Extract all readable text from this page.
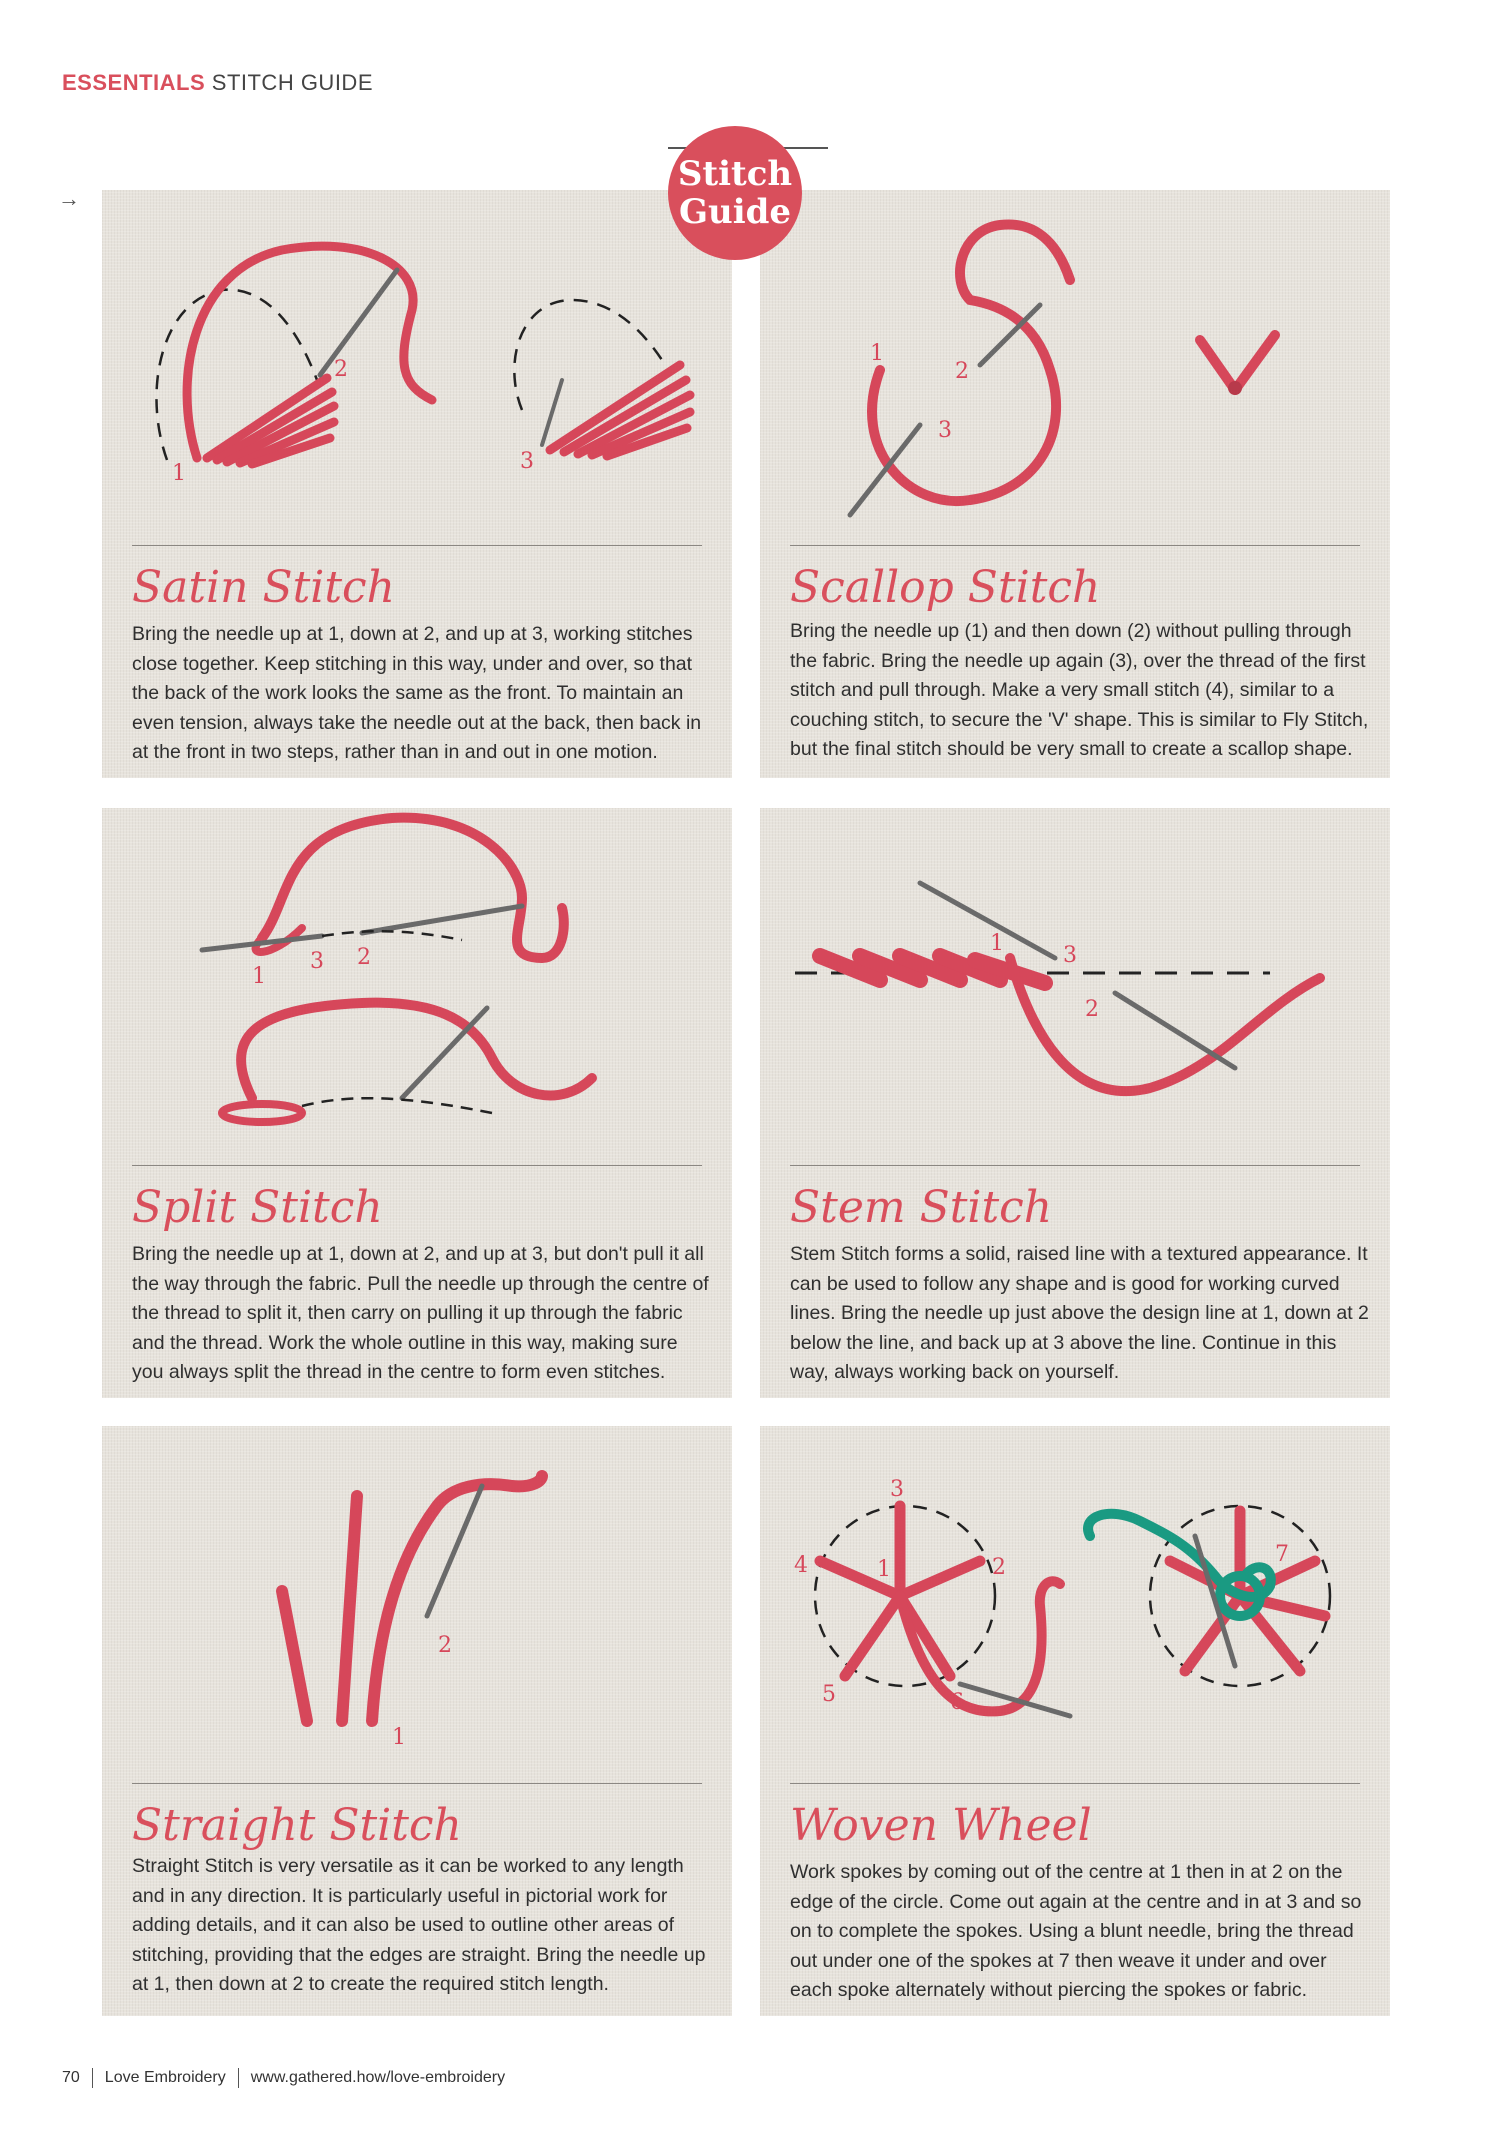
ESSENTIALS STITCH GUIDE
→
Stitch
Guide
1
2
3
Satin Stitch

Bring the needle up at 1, down at 2, and up at 3, working stitches close together. Keep stitching in this way, under and over, so that the back of the work looks the same as the front. To maintain an even tension, always take the needle out at the back, then back in at the front in two steps, rather than in and out in one motion.

1
2
3
Scallop Stitch

Bring the needle up (1) and then down (2) without pulling through the fabric. Bring the needle up again (3), over the thread of the first stitch and pull through. Make a very small stitch (4), similar to a couching stitch, to secure the 'V' shape. This is similar to Fly Stitch, but the final stitch should be very small to create a scallop shape.

1
3 2
Split Stitch

Bring the needle up at 1, down at 2, and up at 3, but don't pull it all the way through the fabric. Pull the needle up through the centre of the thread to split it, then carry on pulling it up through the fabric and the thread. Work the whole outline in this way, making sure you always split the thread in the centre to form even stitches.

1	3
2
Stem Stitch

Stem Stitch forms a solid, raised line with a textured appearance. It can be used to follow any shape and is good for working curved lines. Bring the needle up just above the design line at 1, down at 2 below the line, and back up at 3 above the line. Continue in this way, always working back on yourself.

2
1
Straight Stitch

Straight Stitch is very versatile as it can be worked to any length and in any direction. It is particularly useful in pictorial work for adding details, and it can also be used to outline other areas of stitching, providing that the edges are straight. Bring the needle up at 1, then down at 2 to create the required stitch length.

3
4	1	2
5	6
7
Woven Wheel

Work spokes by coming out of the centre at 1 then in at 2 on the edge of the circle. Come out again at the centre and in at 3 and so on to complete the spokes. Using a blunt needle, bring the thread out under one of the spokes at 7 then weave it under and over each spoke alternately without piercing the spokes or fabric.

70 Love Embroidery www.gathered.how/love-embroidery
